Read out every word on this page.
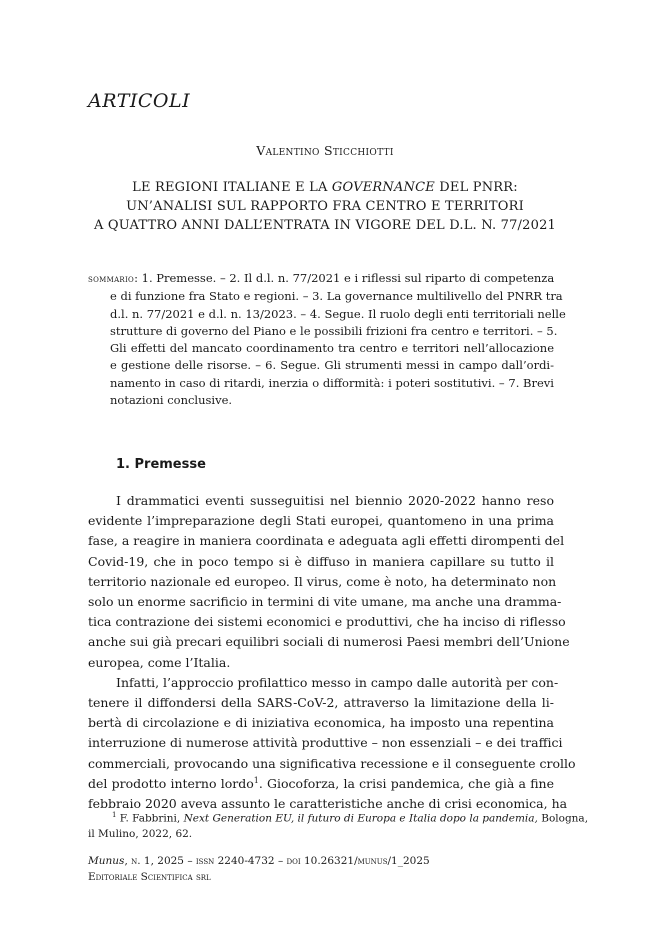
ARTICOLI
Valentino Sticchiotti
LE REGIONI ITALIANE E LA GOVERNANCE DEL PNRR:
UN’ANALISI SUL RAPPORTO FRA CENTRO E TERRITORI
A QUATTRO ANNI DALL’ENTRATA IN VIGORE DEL D.L. N. 77/2021
sommario: 1. Premesse. – 2. Il d.l. n. 77/2021 e i riflessi sul riparto di competenza
e di funzione fra Stato e regioni. – 3. La governance multilivello del PNRR tra
d.l. n. 77/2021 e d.l. n. 13/2023. – 4. Segue. Il ruolo degli enti territoriali nelle
strutture di governo del Piano e le possibili frizioni fra centro e territori. – 5.
Gli effetti del mancato coordinamento tra centro e territori nell’allocazione
e gestione delle risorse. – 6. Segue. Gli strumenti messi in campo dall’ordi-
namento in caso di ritardi, inerzia o difformità: i poteri sostitutivi. – 7. Brevi
notazioni conclusive.
1. Premesse
I drammatici eventi susseguitisi nel biennio 2020-2022 hanno reso
evidente l’impreparazione degli Stati europei, quantomeno in una prima
fase, a reagire in maniera coordinata e adeguata agli effetti dirompenti del
Covid-19, che in poco tempo si è diffuso in maniera capillare su tutto il
territorio nazionale ed europeo. Il virus, come è noto, ha determinato non
solo un enorme sacrificio in termini di vite umane, ma anche una dramma-
tica contrazione dei sistemi economici e produttivi, che ha inciso di riflesso
anche sui già precari equilibri sociali di numerosi Paesi membri dell’Unione
europea, come l’Italia.
Infatti, l’approccio profilattico messo in campo dalle autorità per con-
tenere il diffondersi della SARS-CoV-2, attraverso la limitazione della li-
bertà di circolazione e di iniziativa economica, ha imposto una repentina
interruzione di numerose attività produttive – non essenziali – e dei traffici
commerciali, provocando una significativa recessione e il conseguente crollo
del prodotto interno lordo$^1$. Giocoforza, la crisi pandemica, che già a fine
febbraio 2020 aveva assunto le caratteristiche anche di crisi economica, ha
$^1$ F. Fabbrini, Next Generation EU, il futuro di Europa e Italia dopo la pandemia, Bologna,
il Mulino, 2022, 62.
Munus, n. 1, 2025 – issn 2240-4732 – doi 10.26321/munus/1_2025
Editoriale Scientifica srl
